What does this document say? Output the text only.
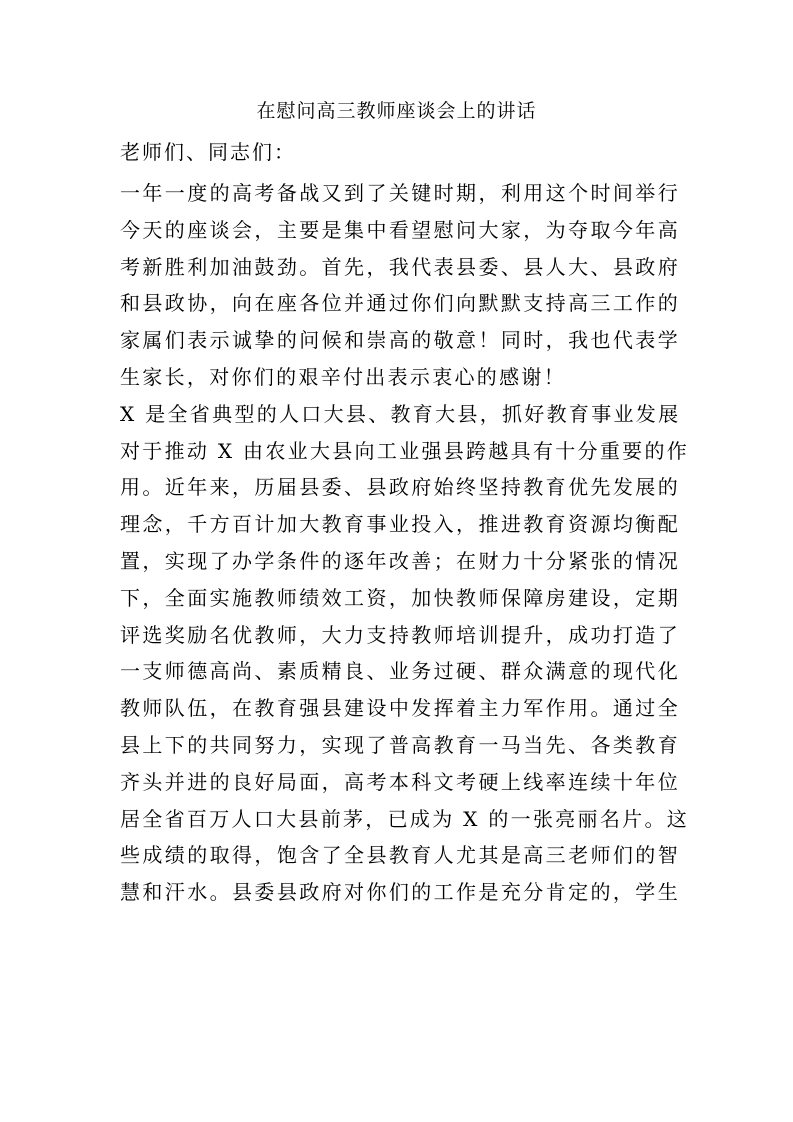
在慰问高三教师座谈会上的讲话
老师们、同志们：
一年一度的高考备战又到了关键时期，利用这个时间举行
今天的座谈会，主要是集中看望慰问大家，为夺取今年高
考新胜利加油鼓劲。首先，我代表县委、县人大、县政府
和县政协，向在座各位并通过你们向默默支持高三工作的
家属们表示诚挚的问候和崇高的敬意！同时，我也代表学
生家长，对你们的艰辛付出表示衷心的感谢！
X 是全省典型的人口大县、教育大县，抓好教育事业发展
对于推动 X 由农业大县向工业强县跨越具有十分重要的作
用。近年来，历届县委、县政府始终坚持教育优先发展的
理念，千方百计加大教育事业投入，推进教育资源均衡配
置，实现了办学条件的逐年改善；在财力十分紧张的情况
下，全面实施教师绩效工资，加快教师保障房建设，定期
评选奖励名优教师，大力支持教师培训提升，成功打造了
一支师德高尚、素质精良、业务过硬、群众满意的现代化
教师队伍，在教育强县建设中发挥着主力军作用。通过全
县上下的共同努力，实现了普高教育一马当先、各类教育
齐头并进的良好局面，高考本科文考硬上线率连续十年位
居全省百万人口大县前茅，已成为 X 的一张亮丽名片。这
些成绩的取得，饱含了全县教育人尤其是高三老师们的智
慧和汗水。县委县政府对你们的工作是充分肯定的，学生
